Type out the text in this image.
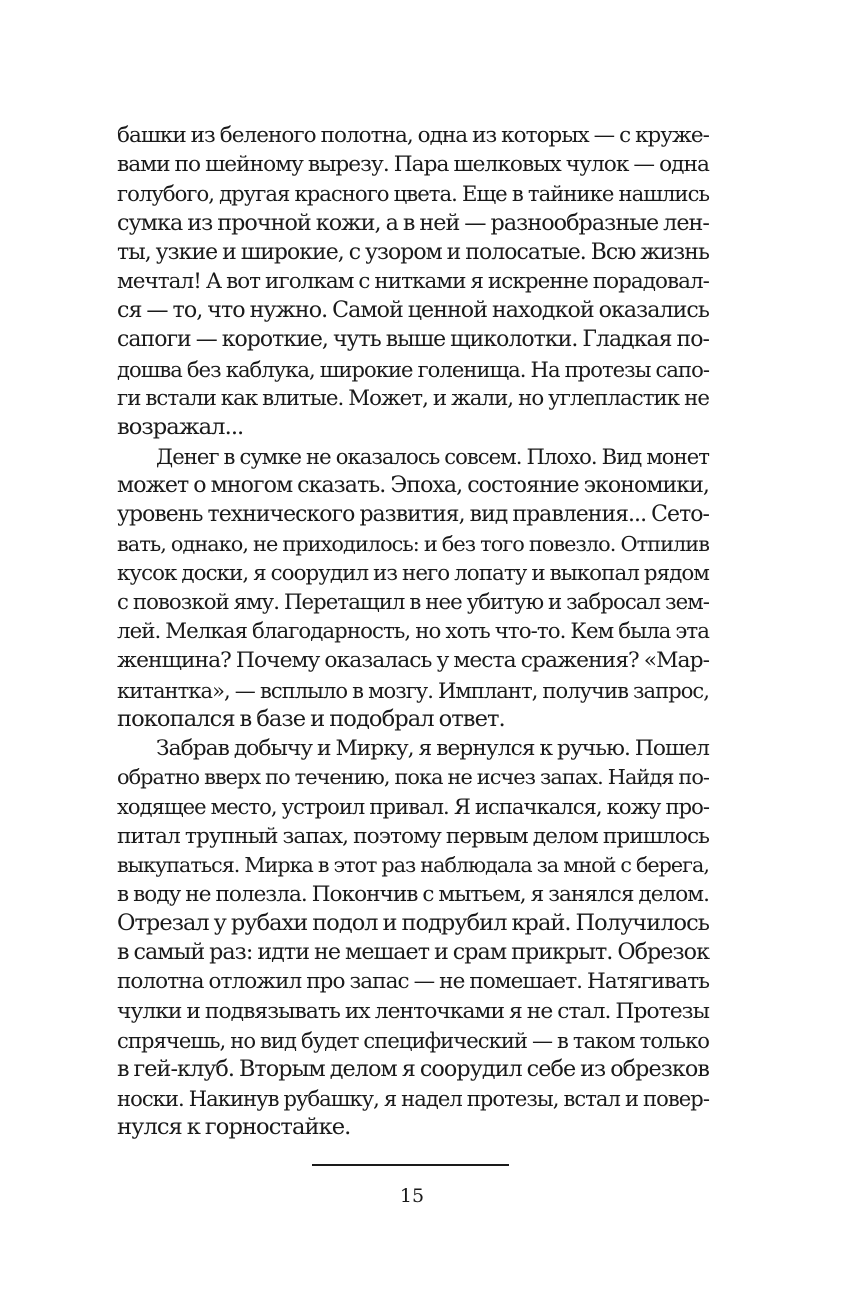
башки из беленого полотна, одна из которых — с круже-
вами по шейному вырезу. Пара шелковых чулок — одна
голубого, другая красного цвета. Еще в тайнике нашлись
сумка из прочной кожи, а в ней — разнообразные лен-
ты, узкие и широкие, с узором и полосатые. Всю жизнь
мечтал! А вот иголкам с нитками я искренне порадовал-
ся — то, что нужно. Самой ценной находкой оказались
сапоги — короткие, чуть выше щиколотки. Гладкая по-
дошва без каблука, широкие голенища. На протезы сапо-
ги встали как влитые. Может, и жали, но углепластик не
возражал...
Денег в сумке не оказалось совсем. Плохо. Вид монет
может о многом сказать. Эпоха, состояние экономики,
уровень технического развития, вид правления... Сето-
вать, однако, не приходилось: и без того повезло. Отпилив
кусок доски, я соорудил из него лопату и выкопал рядом
с повозкой яму. Перетащил в нее убитую и забросал зем-
лей. Мелкая благодарность, но хоть что-то. Кем была эта
женщина? Почему оказалась у места сражения? «Мар-
китантка», — всплыло в мозгу. Имплант, получив запрос,
покопался в базе и подобрал ответ.
Забрав добычу и Мирку, я вернулся к ручью. Пошел
обратно вверх по течению, пока не исчез запах. Найдя по-
ходящее место, устроил привал. Я испачкался, кожу про-
питал трупный запах, поэтому первым делом пришлось
выкупаться. Мирка в этот раз наблюдала за мной с берега,
в воду не полезла. Покончив с мытьем, я занялся делом.
Отрезал у рубахи подол и подрубил край. Получилось
в самый раз: идти не мешает и срам прикрыт. Обрезок
полотна отложил про запас — не помешает. Натягивать
чулки и подвязывать их ленточками я не стал. Протезы
спрячешь, но вид будет специфический — в таком только
в гей-клуб. Вторым делом я соорудил себе из обрезков
носки. Накинув рубашку, я надел протезы, встал и повер-
нулся к горностайке.
15
